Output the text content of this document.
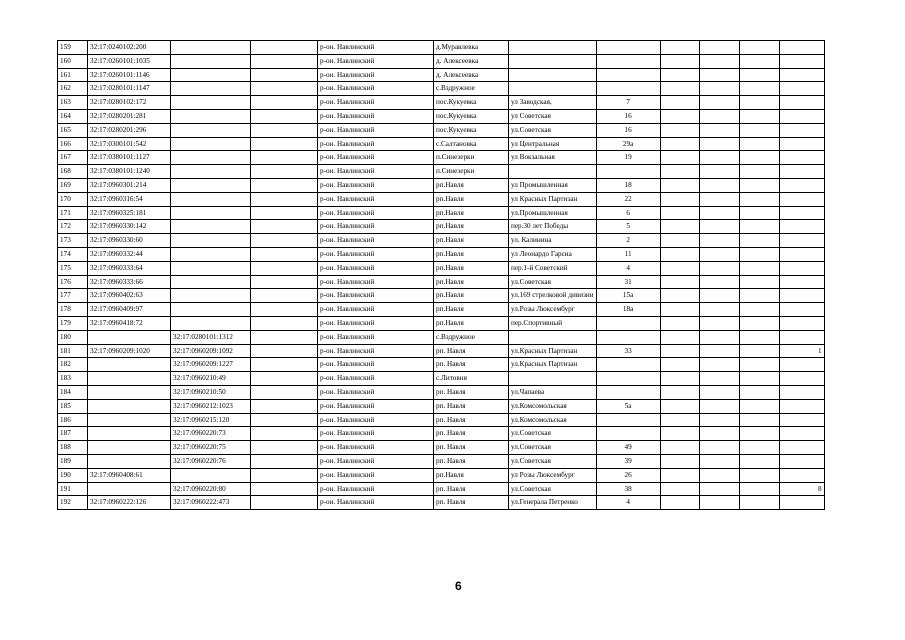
159	32:17:0240102:200			р-он. Навлинский	д.Муравлевка						
160	32:17:0260101:1035			р-он. Навлинский	д. Алексеевка						
161	32:17:0260101:1146			р-он. Навлинский	д. Алексеевка						
162	32:17:0280101:1147			р-он. Навлинский	с.Вздружное						
163	32:17:0280102:172			р-он. Навлинский	пос.Кукуевка	ул Заводская,	7				
164	32:17:0280201:281			р-он. Навлинский	пос.Кукуевка	ул Советская	16				
165	32:17:0280201:296			р-он. Навлинский	пос.Кукуевка	ул.Советская	16				
166	32:17:0300101:542			р-он. Навлинский	с.Салтановка	ул Центральная	29а				
167	32:17:0380101:1127			р-он. Навлинский	п.Синезерки	ул Вокзальная	19				
168	32:17:0380101:1240			р-он. Навлинский	п.Синезерки						
169	32:17:0960301:214			р-он. Навлинский	рп.Навля	ул Промышленная	18				
170	32:17:0960316:54			р-он. Навлинский	рп.Навля	ул Красных Партизан	22				
171	32:17:0960325:181			р-он. Навлинский	рп.Навля	ул.Промышленная	6				
172	32:17:0960330:142			р-он. Навлинский	рп.Навля	пер.30 лет Победы	5				
173	32:17:0960330:60			р-он. Навлинский	рп.Навля	ул. Калинина	2				
174	32:17:0960332:44			р-он. Навлинский	рп.Навля	ул Леонардо Гарсиа	11				
175	32:17:0960333:64			р-он. Навлинский	рп.Навля	пер.1-й Советский	4				
176	32:17:0960333:66			р-он. Навлинский	рп.Навля	ул.Советская	31				
177	32:17:0960402:63			р-он. Навлинский	рп.Навля	ул.169 стрелковой дивизии	15а				
178	32:17:0960409:97			р-он. Навлинский	рп.Навля	ул.Розы Люксембург	18а				
179	32:17:0960418:72			р-он. Навлинский	рп.Навля	пер.Спортивный					
180		32:17:0280101:1312		р-он. Навлинский	с.Вздружное						
181	32:17:0960209:1020	32:17:0960209:1092		р-он. Навлинский	рп. Навля	ул.Красных Партизан	33				1
182		32:17:0960209:1227		р-он. Навлинский	рп. Навля	ул.Красных Партизан					
183		32:17:0960210:49		р-он. Навлинский	с.Литовня						
184		32:17:0960210:50		р-он. Навлинский	рп. Навля	ул.Чапаева					
185		32:17:0960212:1023		р-он. Навлинский	рп. Навля	ул.Комсомольская	5а				
186		32:17:0960215:120		р-он. Навлинский	рп. Навля	ул.Комсомольская					
187		32:17:0960220:73		р-он. Навлинский	рп. Навля	ул.Советская					
188		32:17:0960220:75		р-он. Навлинский	рп. Навля	ул.Советская	49				
189		32:17:0960220:76		р-он. Навлинский	рп. Навля	ул.Советская	39				
190	32:17:0960408:61			р-он. Навлинский	рп.Навля	ул Розы Люксембург	26				
191		32:17:0960220:80		р-он. Навлинский	рп. Навля	ул.Советская	38				8
192	32:17:0960222:126	32:17:0960222:473		р-он. Навлинский	рп. Навля	ул.Генерала Петренко	4				
6
